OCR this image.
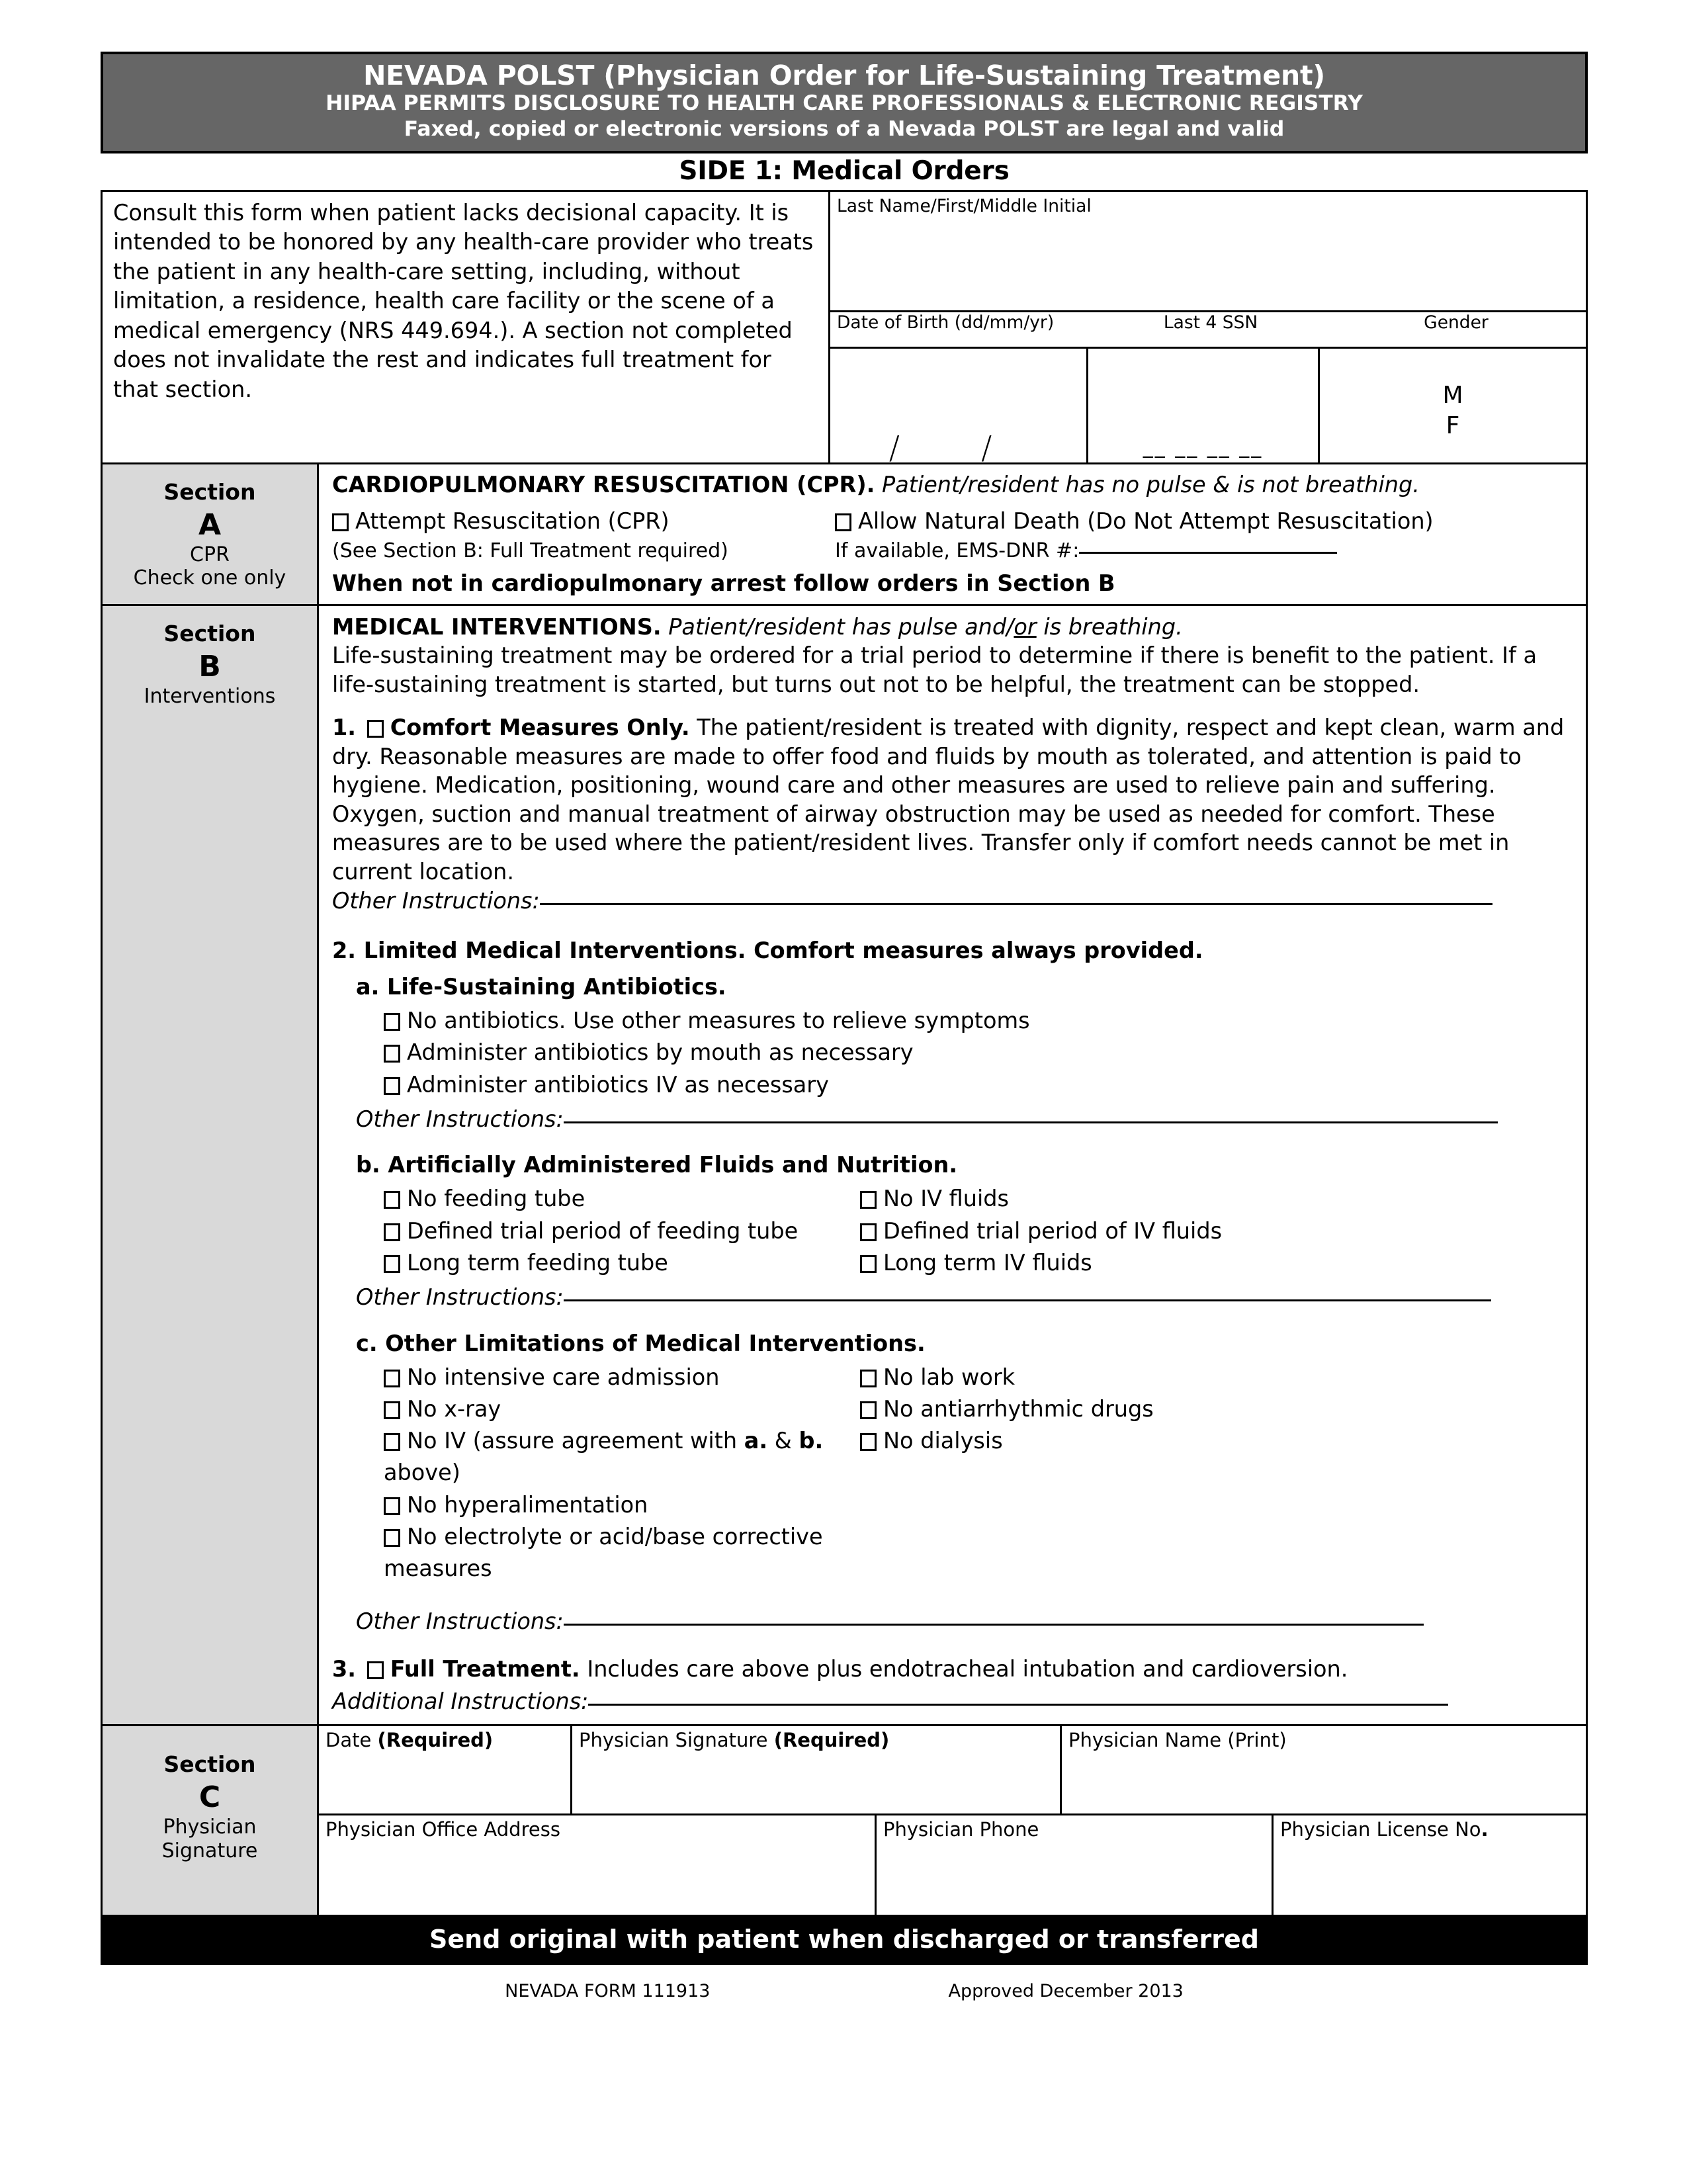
NEVADA POLST (Physician Order for Life-Sustaining Treatment)
HIPAA PERMITS DISCLOSURE TO HEALTH CARE PROFESSIONALS & ELECTRONIC REGISTRY
Faxed, copied or electronic versions of a Nevada POLST are legal and valid
SIDE 1: Medical Orders
Consult this form when patient lacks decisional capacity. It is intended to be honored by any health-care provider who treats the patient in any health-care setting, including, without limitation, a residence, health care facility or the scene of a medical emergency (NRS 449.694.). A section not completed does not invalidate the rest and indicates full treatment for that section.
Last Name/First/Middle Initial
Date of Birth (dd/mm/yr)	Last 4 SSN	Gender
/ /	__ __ __ __
M
F
Section
A
CPR
Check one only
CARDIOPULMONARY RESUSCITATION (CPR). Patient/resident has no pulse & is not breathing.
Attempt Resuscitation (CPR)
(See Section B: Full Treatment required)
Allow Natural Death (Do Not Attempt Resuscitation)
If available, EMS-DNR #:
When not in cardiopulmonary arrest follow orders in Section B
Section
B
Interventions
MEDICAL INTERVENTIONS. Patient/resident has pulse and/or is breathing.
Life-sustaining treatment may be ordered for a trial period to determine if there is benefit to the patient. If a life-sustaining treatment is started, but turns out not to be helpful, the treatment can be stopped.
1. Comfort Measures Only. The patient/resident is treated with dignity, respect and kept clean, warm and dry. Reasonable measures are made to offer food and fluids by mouth as tolerated, and attention is paid to hygiene. Medication, positioning, wound care and other measures are used to relieve pain and suffering. Oxygen, suction and manual treatment of airway obstruction may be used as needed for comfort. These measures are to be used where the patient/resident lives. Transfer only if comfort needs cannot be met in current location.
Other Instructions:
2. Limited Medical Interventions. Comfort measures always provided.
a. Life-Sustaining Antibiotics.
No antibiotics. Use other measures to relieve symptoms
Administer antibiotics by mouth as necessary
Administer antibiotics IV as necessary
Other Instructions:
b. Artificially Administered Fluids and Nutrition.
No feeding tube
Defined trial period of feeding tube
Long term feeding tube
No IV fluids
Defined trial period of IV fluids
Long term IV fluids
Other Instructions:
c. Other Limitations of Medical Interventions.
No intensive care admission
No x-ray
No IV (assure agreement with a. & b. above)
No hyperalimentation
No electrolyte or acid/base corrective measures
No lab work
No antiarrhythmic drugs
No dialysis
Other Instructions:
3. Full Treatment. Includes care above plus endotracheal intubation and cardioversion.
Additional Instructions:
Section
C
Physician
Signature
Date (Required)	Physician Signature (Required)	Physician Name (Print)
Physician Office Address	Physician Phone	Physician License No.
Send original with patient when discharged or transferred
NEVADA FORM 111913	Approved December 2013
